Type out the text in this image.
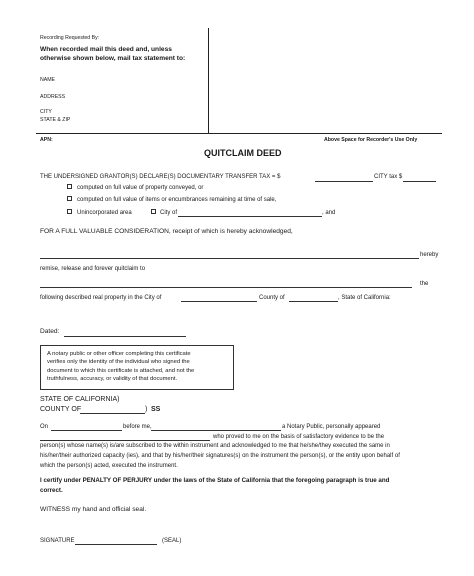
Recording Requested By:
When recorded mail this deed and, unless
otherwise shown below, mail tax statement to:
NAME
ADDRESS
CITY
STATE & ZIP
APN:	Above Space for Recorder's Use Only
QUITCLAIM DEED
THE UNDERSIGNED GRANTOR(S) DECLARE(S) DOCUMENTARY TRANSFER TAX = $	CITY tax $
computed on full value of property conveyed, or
computed on full value of items or encumbrances remaining at time of sale,
Unincorporated area	City of	, and
FOR A FULL VALUABLE CONSIDERATION, receipt of which is hereby acknowledged,
hereby
remise, release and forever quitclaim to
the
following described real property in the City of	County of	, State of California:
Dated:

A notary public or other officer completing this certificate

verifies only the identity of the individual who signed the

document to which this certificate is attached, and not the

truthfulness, accuracy, or validity of that document.

STATE OF CALIFORNIA)
COUNTY OF	) SS
On	before me,	a Notary Public, personally appeared
who proved to me on the basis of satisfactory evidence to be the
person(s) whose name(s) is/are subscribed to the within instrument and acknowledged to me that he/she/they executed the same in
his/her/their authorized capacity (ies), and that by his/her/their signatures(s) on the instrument the person(s), or the entity upon behalf of
which the person(s) acted, executed the instrument.
I certify under PENALTY OF PERJURY under the laws of the State of California that the foregoing paragraph is true and
correct.
WITNESS my hand and official seal.
SIGNATURE	(SEAL)
